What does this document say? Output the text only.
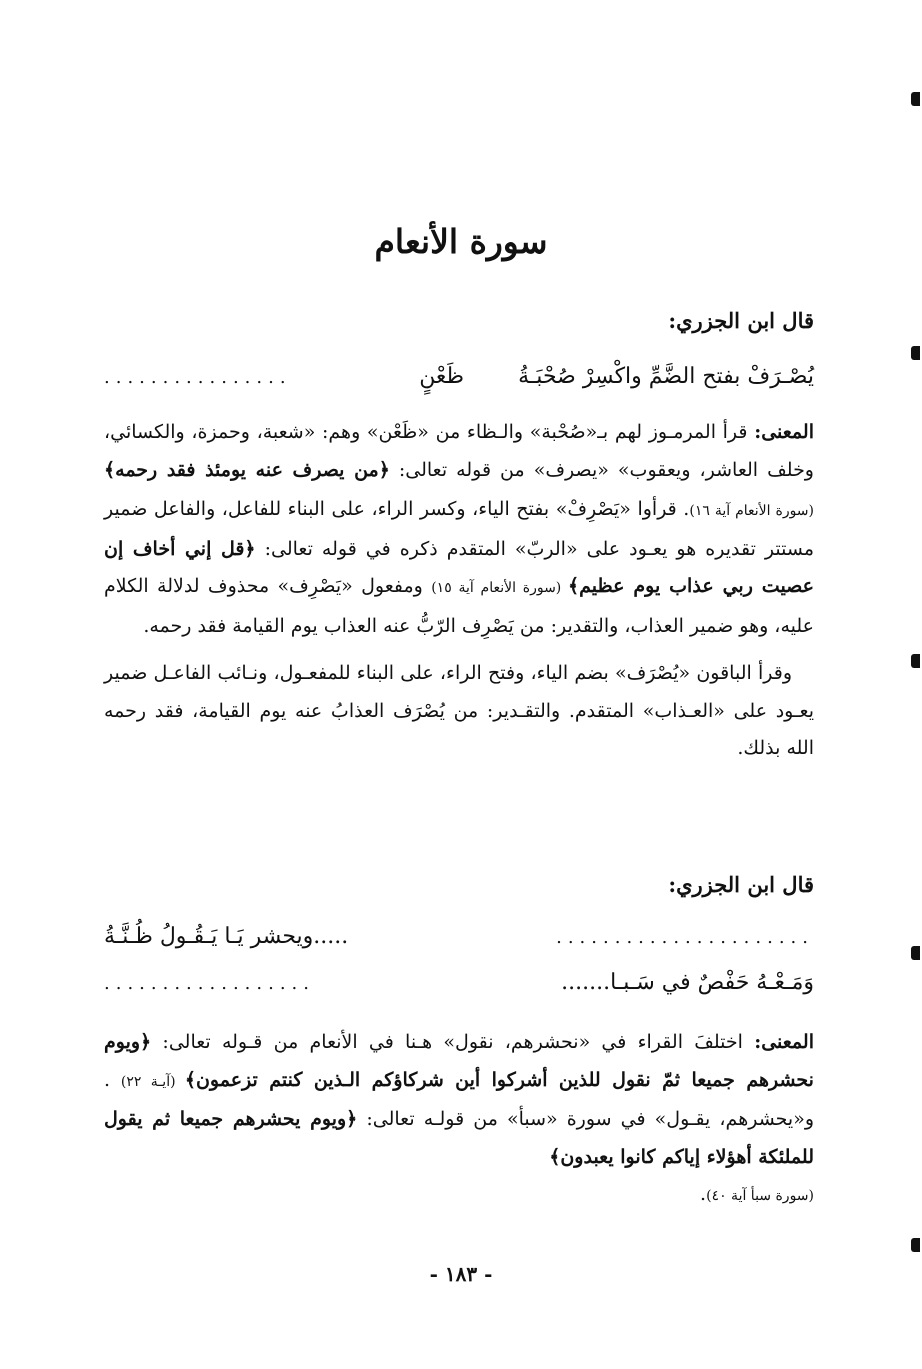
سورة الأنعام

قال ابن الجزري:

يُصْـرَفْ بفتح الضَّمِّ واكْسِرْ صُحْبَـةُ  ظَعْنٍ
................

المعنى: قرأ المرمـوز لهم بـ«صُحْبة» والـظاء من «ظَعْن» وهم: «شعبة، وحمزة، والكسائي، وخلف العاشر، ويعقوب» «يصرف» من قوله تعالى: ﴿من يصرف عنه يومئذ فقد رحمه﴾ (سورة الأنعام آية ١٦). قرأوا «يَصْرِفْ» بفتح الياء، وكسر الراء، على البناء للفاعل، والفاعل ضمير مستتر تقديره هو يعـود على «الربّ» المتقدم ذكره في قوله تعالى: ﴿قل إني أخاف إن عصيت ربي عذاب يوم عظيم﴾ (سورة الأنعام آية ١٥) ومفعول «يَصْرِف» محذوف لدلالة الكلام عليه، وهو ضمير العذاب، والتقدير: من يَصْرِف الرّبُّ عنه العذاب يوم القيامة فقد رحمه.

وقرأ الباقون «يُصْرَف» بضم الياء، وفتح الراء، على البناء للمفعـول، ونـائب الفاعـل ضمير يعـود على «العـذاب» المتقدم. والتقـدير: من يُصْرَف العذابُ عنه يوم القيامة، فقد رحمه الله بذلك.

قال ابن الجزري:

......................
.....ويحشر يَـا يَـقُـولُ ظُـنَّـةُ
وَمَـعْـهُ حَفْصٌ في سَـبـا.......
..................

المعنى: اختلفَ القراء في «نحشرهم، نقول» هـنا في الأنعام من قـوله تعالى: ﴿ويوم نحشرهم جميعا ثمّ نقول للذين أشركوا أين شركاؤكم الـذين كنتم تزعمون﴾ (آيـة ٢٢) . و«يحشرهم، يقـول» في سورة «سبأ» من قولـه تعالى: ﴿ويوم يحشرهم جميعا ثم يقول للملئكة أهؤلاء إياكم كانوا يعبدون﴾
(سورة سبأ آية ٤٠).

- ١٨٣ -
